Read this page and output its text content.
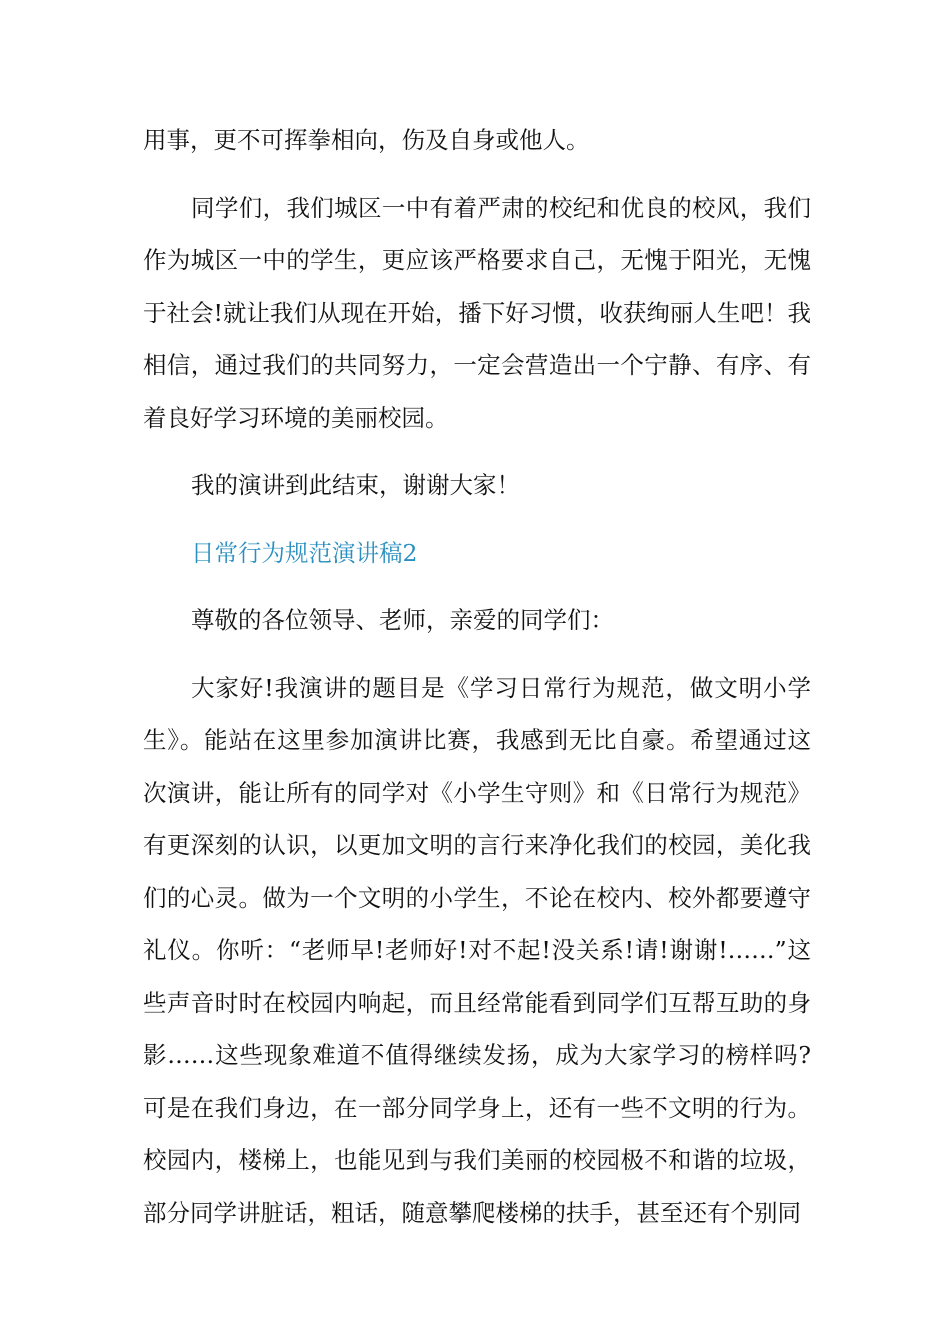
用事，更不可挥拳相向，伤及自身或他人。

同学们，我们城区一中有着严肃的校纪和优良的校风，我们作为城区一中的学生，更应该严格要求自己，无愧于阳光，无愧于社会!就让我们从现在开始，播下好习惯，收获绚丽人生吧！我相信，通过我们的共同努力，一定会营造出一个宁静、有序、有着良好学习环境的美丽校园。

我的演讲到此结束，谢谢大家！

日常行为规范演讲稿2

尊敬的各位领导、老师，亲爱的同学们：

大家好!我演讲的题目是《学习日常行为规范，做文明小学生》。能站在这里参加演讲比赛，我感到无比自豪。希望通过这次演讲，能让所有的同学对《小学生守则》和《日常行为规范》有更深刻的认识，以更加文明的言行来净化我们的校园，美化我们的心灵。做为一个文明的小学生，不论在校内、校外都要遵守礼仪。你听：“老师早!老师好!对不起!没关系!请!谢谢!……”这些声音时时在校园内响起，而且经常能看到同学们互帮互助的身影……这些现象难道不值得继续发扬，成为大家学习的榜样吗?可是在我们身边，在一部分同学身上，还有一些不文明的行为。校园内，楼梯上，也能见到与我们美丽的校园极不和谐的垃圾，部分同学讲脏话，粗话，随意攀爬楼梯的扶手，甚至还有个别同
